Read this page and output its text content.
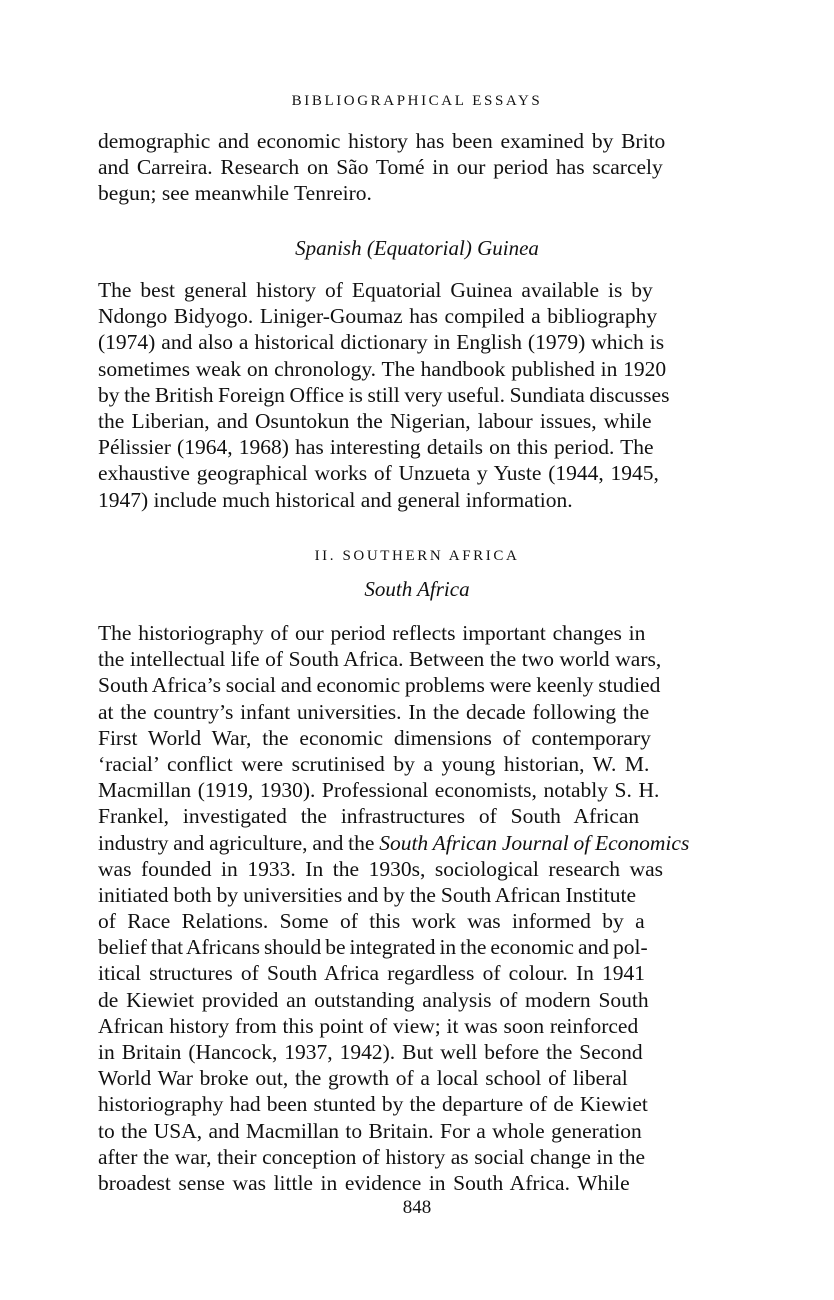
BIBLIOGRAPHICAL ESSAYS
demographic and economic history has been examined by Brito
and Carreira. Research on São Tomé in our period has scarcely
begun; see meanwhile Tenreiro.
Spanish (Equatorial) Guinea
The best general history of Equatorial Guinea available is by
Ndongo Bidyogo. Liniger-Goumaz has compiled a bibliography
(1974) and also a historical dictionary in English (1979) which is
sometimes weak on chronology. The handbook published in 1920
by the British Foreign Office is still very useful. Sundiata discusses
the Liberian, and Osuntokun the Nigerian, labour issues, while
Pélissier (1964, 1968) has interesting details on this period. The
exhaustive geographical works of Unzueta y Yuste (1944, 1945,
1947) include much historical and general information.
II. SOUTHERN AFRICA
South Africa
The historiography of our period reflects important changes in
the intellectual life of South Africa. Between the two world wars,
South Africa’s social and economic problems were keenly studied
at the country’s infant universities. In the decade following the
First World War, the economic dimensions of contemporary
‘racial’ conflict were scrutinised by a young historian, W. M.
Macmillan (1919, 1930). Professional economists, notably S. H.
Frankel, investigated the infrastructures of South African
industry and agriculture, and the South African Journal of Economics
was founded in 1933. In the 1930s, sociological research was
initiated both by universities and by the South African Institute
of Race Relations. Some of this work was informed by a
belief that Africans should be integrated in the economic and pol-
itical structures of South Africa regardless of colour. In 1941
de Kiewiet provided an outstanding analysis of modern South
African history from this point of view; it was soon reinforced
in Britain (Hancock, 1937, 1942). But well before the Second
World War broke out, the growth of a local school of liberal
historiography had been stunted by the departure of de Kiewiet
to the USA, and Macmillan to Britain. For a whole generation
after the war, their conception of history as social change in the
broadest sense was little in evidence in South Africa. While
848
